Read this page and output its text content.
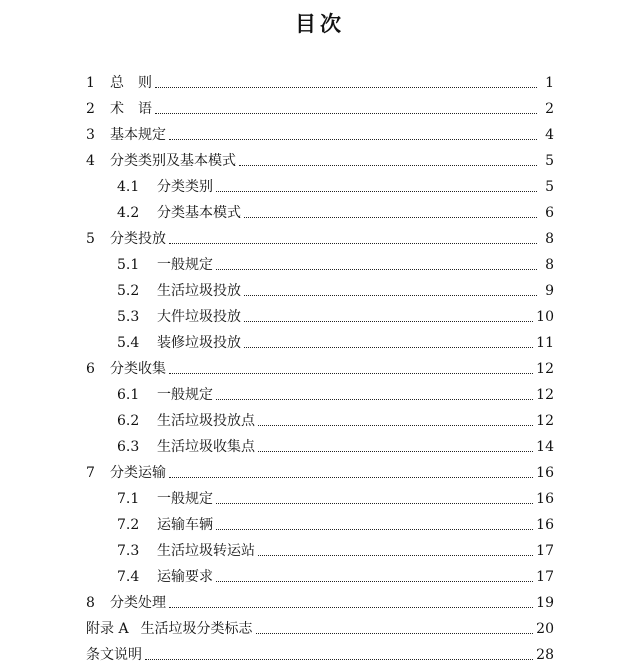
目次
1	总　则	1
2	术　语	2
3	基本规定	4
4	分类类别及基本模式	5
4.1	分类类别	5
4.2	分类基本模式	6
5	分类投放	8
5.1	一般规定	8
5.2	生活垃圾投放	9
5.3	大件垃圾投放	10
5.4	装修垃圾投放	11
6	分类收集	12
6.1	一般规定	12
6.2	生活垃圾投放点	12
6.3	生活垃圾收集点	14
7	分类运输	16
7.1	一般规定	16
7.2	运输车辆	16
7.3	生活垃圾转运站	17
7.4	运输要求	17
8	分类处理	19
附录 A 生活垃圾分类标志	20
条文说明	28
